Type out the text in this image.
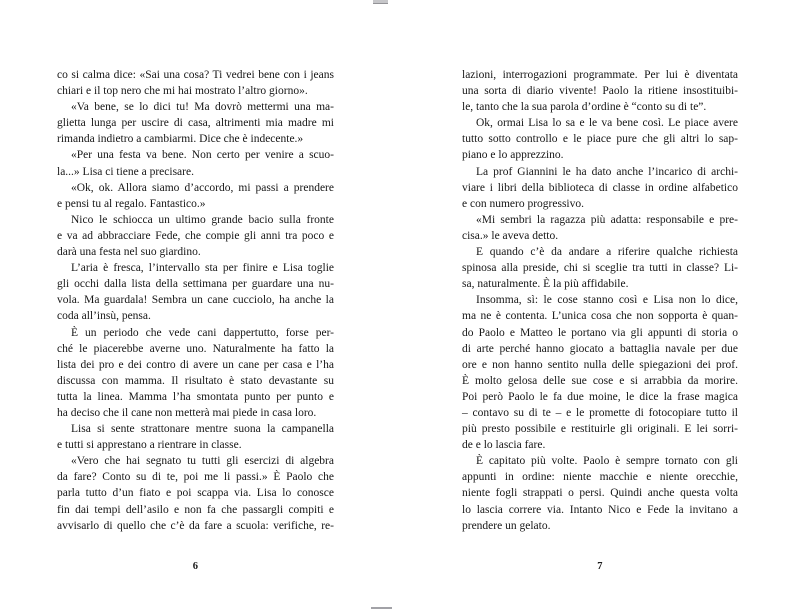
co si calma dice: «Sai una cosa? Ti vedrei bene con i jeans
chiari e il top nero che mi hai mostrato l’altro giorno».
«Va bene, se lo dici tu! Ma dovrò mettermi una ma-
glietta lunga per uscire di casa, altrimenti mia madre mi
rimanda indietro a cambiarmi. Dice che è indecente.»
«Per una festa va bene. Non certo per venire a scuo-
la...» Lisa ci tiene a precisare.
«Ok, ok. Allora siamo d’accordo, mi passi a prendere
e pensi tu al regalo. Fantastico.»
Nico le schiocca un ultimo grande bacio sulla fronte
e va ad abbracciare Fede, che compie gli anni tra poco e
darà una festa nel suo giardino.
L’aria è fresca, l’intervallo sta per finire e Lisa toglie
gli occhi dalla lista della settimana per guardare una nu-
vola. Ma guardala! Sembra un cane cucciolo, ha anche la
coda all’insù, pensa.
È un periodo che vede cani dappertutto, forse per-
ché le piacerebbe averne uno. Naturalmente ha fatto la
lista dei pro e dei contro di avere un cane per casa e l’ha
discussa con mamma. Il risultato è stato devastante su
tutta la linea. Mamma l’ha smontata punto per punto e
ha deciso che il cane non metterà mai piede in casa loro.
Lisa si sente strattonare mentre suona la campanella
e tutti si apprestano a rientrare in classe.
«Vero che hai segnato tu tutti gli esercizi di algebra
da fare? Conto su di te, poi me li passi.» È Paolo che
parla tutto d’un fiato e poi scappa via. Lisa lo conosce
fin dai tempi dell’asilo e non fa che passargli compiti e
avvisarlo di quello che c’è da fare a scuola: verifiche, re-
6
lazioni, interrogazioni programmate. Per lui è diventata
una sorta di diario vivente! Paolo la ritiene insostituibi-
le, tanto che la sua parola d’ordine è “conto su di te”.
Ok, ormai Lisa lo sa e le va bene così. Le piace avere
tutto sotto controllo e le piace pure che gli altri lo sap-
piano e lo apprezzino.
La prof Giannini le ha dato anche l’incarico di archi-
viare i libri della biblioteca di classe in ordine alfabetico
e con numero progressivo.
«Mi sembri la ragazza più adatta: responsabile e pre-
cisa.» le aveva detto.
E quando c’è da andare a riferire qualche richiesta
spinosa alla preside, chi si sceglie tra tutti in classe? Li-
sa, naturalmente. È la più affidabile.
Insomma, sì: le cose stanno così e Lisa non lo dice,
ma ne è contenta. L’unica cosa che non sopporta è quan-
do Paolo e Matteo le portano via gli appunti di storia o
di arte perché hanno giocato a battaglia navale per due
ore e non hanno sentito nulla delle spiegazioni dei prof.
È molto gelosa delle sue cose e si arrabbia da morire.
Poi però Paolo le fa due moine, le dice la frase magica
– contavo su di te – e le promette di fotocopiare tutto il
più presto possibile e restituirle gli originali. E lei sorri-
de e lo lascia fare.
È capitato più volte. Paolo è sempre tornato con gli
appunti in ordine: niente macchie e niente orecchie,
niente fogli strappati o persi. Quindi anche questa volta
lo lascia correre via. Intanto Nico e Fede la invitano a
prendere un gelato.
7
